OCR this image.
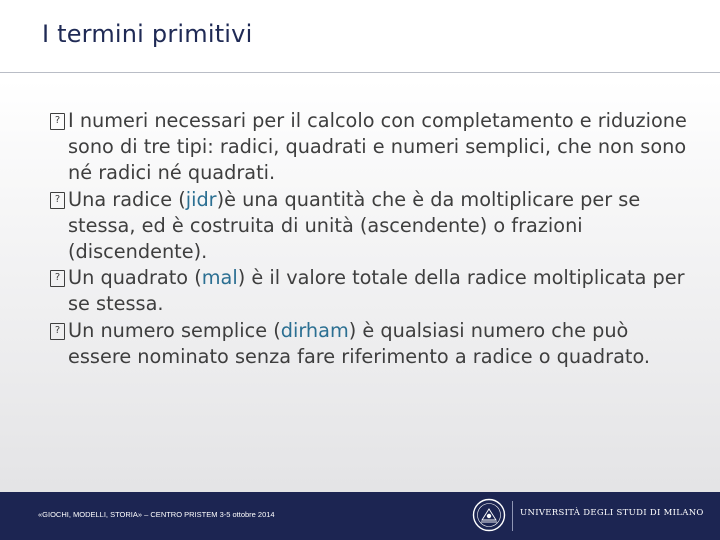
I termini primitivi
? I numeri necessari per il calcolo con completamento e riduzione sono di tre tipi: radici, quadrati e numeri semplici, che non sono né radici né quadrati.
? Una radice (jidr)è una quantità che è da moltiplicare per se stessa, ed è costruita di unità (ascendente) o frazioni (discendente).
? Un quadrato (mal) è il valore totale della radice moltiplicata per se stessa.
? Un numero semplice (dirham) è qualsiasi numero che può essere nominato senza fare riferimento a radice o quadrato.
«GIOCHI, MODELLI, STORIA» – CENTRO PRISTEM 3-5 ottobre 2014	UNIVERSITÀ DEGLI STUDI DI MILANO
